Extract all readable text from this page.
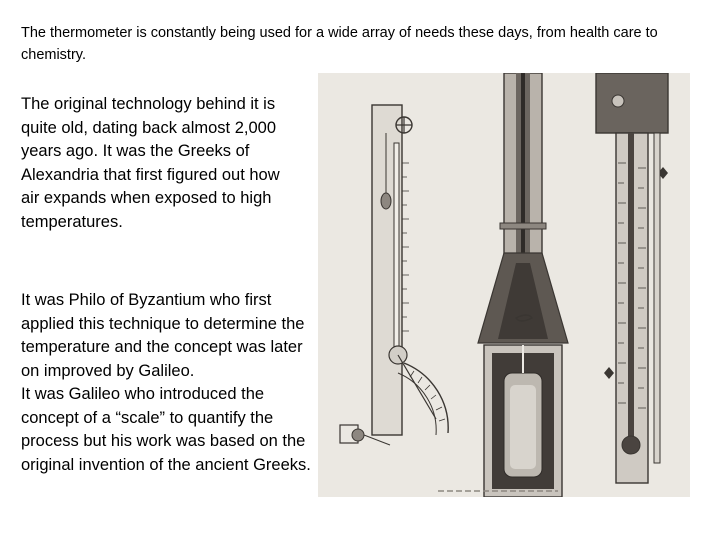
The thermometer is constantly being used for a wide array of needs these days, from health care to chemistry.

The original technology behind it is quite old, dating back almost 2,000 years ago. It was the Greeks of Alexandria that first figured out how air expands when exposed to high temperatures.

It was Philo of Byzantium who first applied this technique to determine the temperature and the concept was later on improved by Galileo.

It was Galileo who introduced the concept of a “scale” to quantify the process but his work was based on the original invention of the ancient Greeks.
